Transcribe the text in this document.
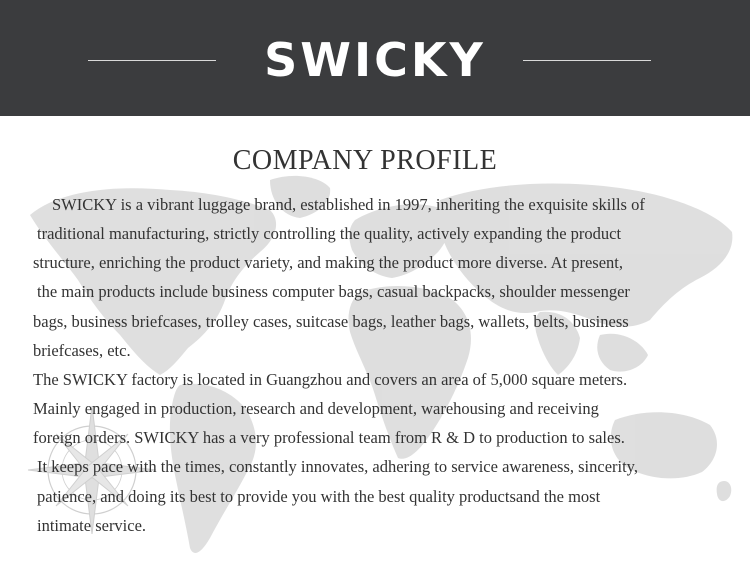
SWICKY
COMPANY PROFILE
SWICKY is a vibrant luggage brand, established in 1997, inheriting the exquisite skills of
traditional manufacturing, strictly controlling the quality, actively expanding the product
structure, enriching the product variety, and making the product more diverse. At present,
the main products include business computer bags, casual backpacks, shoulder messenger
bags, business briefcases, trolley cases, suitcase bags, leather bags, wallets, belts, business
briefcases, etc.
The SWICKY factory is located in Guangzhou and covers an area of 5,000 square meters.
Mainly engaged in production, research and development, warehousing and receiving
foreign orders. SWICKY has a very professional team from R & D to production to sales.
It keeps pace with the times, constantly innovates, adhering to service awareness, sincerity,
patience, and doing its best to provide you with the best quality productsand the most
intimate service.
